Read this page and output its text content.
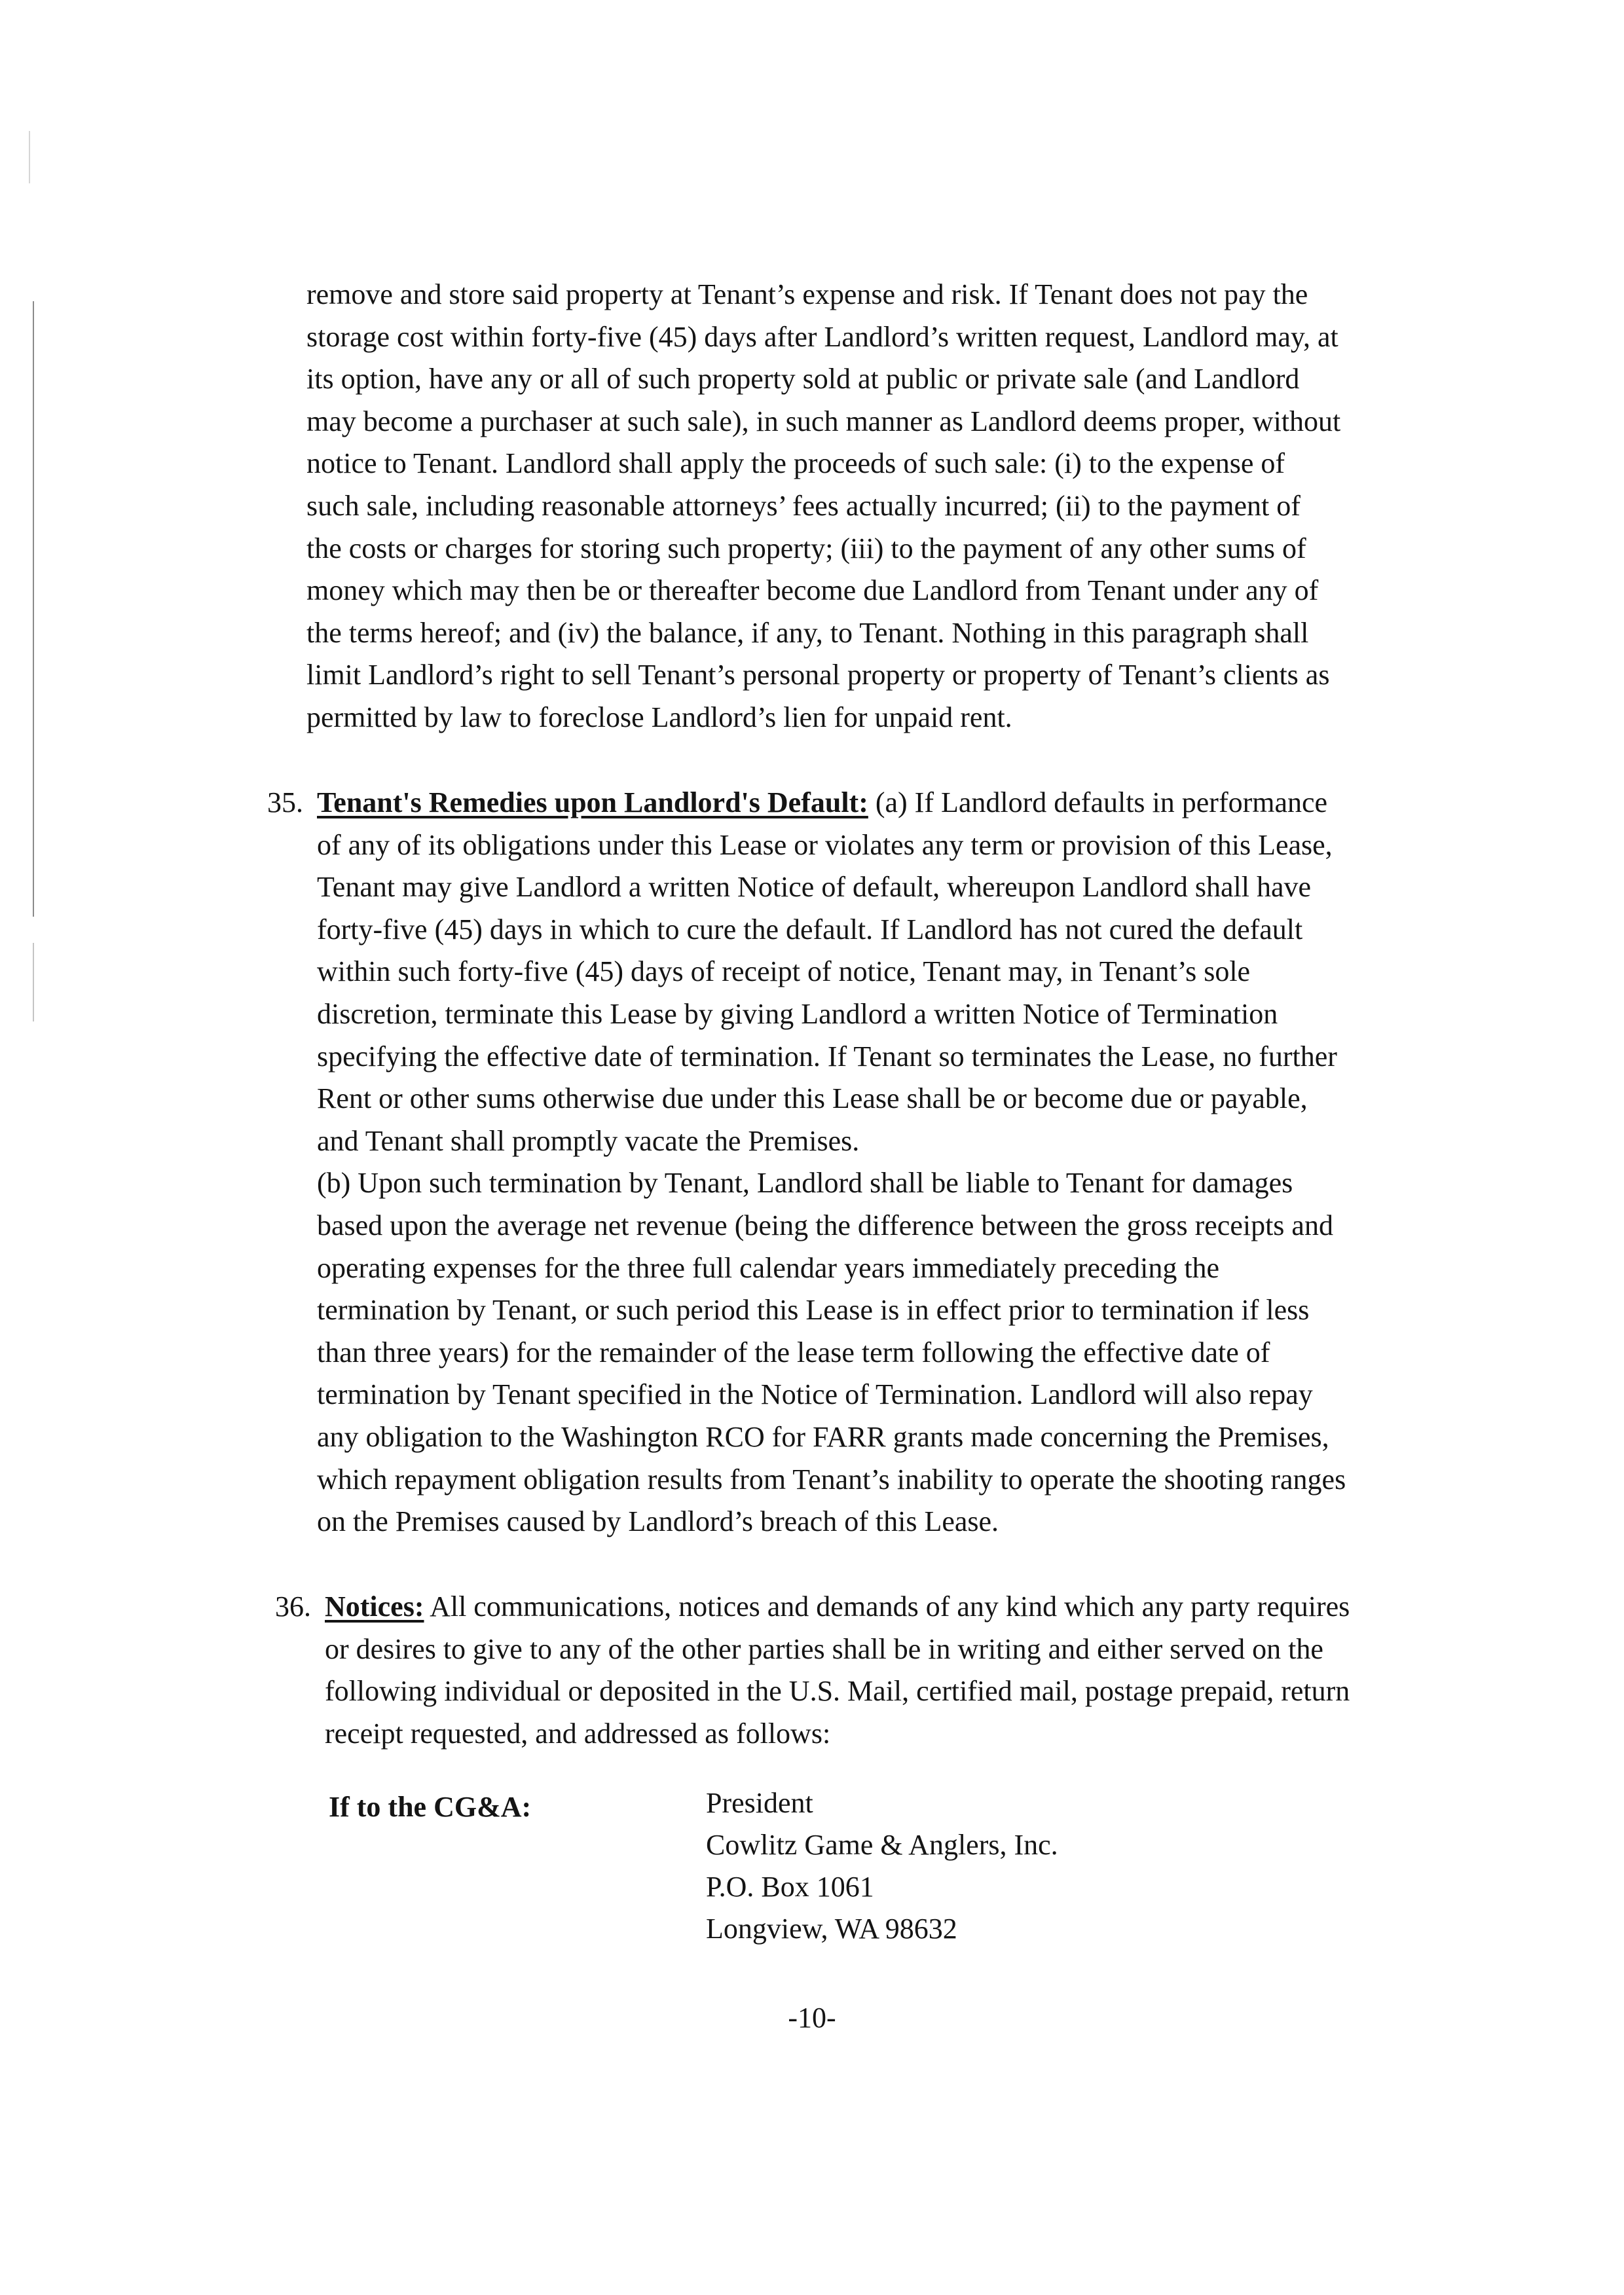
remove and store said property at Tenant’s expense and risk. If Tenant does not pay the
storage cost within forty-five (45) days after Landlord’s written request, Landlord may, at
its option, have any or all of such property sold at public or private sale (and Landlord
may become a purchaser at such sale), in such manner as Landlord deems proper, without
notice to Tenant. Landlord shall apply the proceeds of such sale: (i) to the expense of
such sale, including reasonable attorneys’ fees actually incurred; (ii) to the payment of
the costs or charges for storing such property; (iii) to the payment of any other sums of
money which may then be or thereafter become due Landlord from Tenant under any of
the terms hereof; and (iv) the balance, if any, to Tenant. Nothing in this paragraph shall
limit Landlord’s right to sell Tenant’s personal property or property of Tenant’s clients as
permitted by law to foreclose Landlord’s lien for unpaid rent.
35. Tenant's Remedies upon Landlord's Default: (a) If Landlord defaults in performance
of any of its obligations under this Lease or violates any term or provision of this Lease,
Tenant may give Landlord a written Notice of default, whereupon Landlord shall have
forty-five (45) days in which to cure the default. If Landlord has not cured the default
within such forty-five (45) days of receipt of notice, Tenant may, in Tenant’s sole
discretion, terminate this Lease by giving Landlord a written Notice of Termination
specifying the effective date of termination. If Tenant so terminates the Lease, no further
Rent or other sums otherwise due under this Lease shall be or become due or payable,
and Tenant shall promptly vacate the Premises.
(b) Upon such termination by Tenant, Landlord shall be liable to Tenant for damages
based upon the average net revenue (being the difference between the gross receipts and
operating expenses for the three full calendar years immediately preceding the
termination by Tenant, or such period this Lease is in effect prior to termination if less
than three years) for the remainder of the lease term following the effective date of
termination by Tenant specified in the Notice of Termination. Landlord will also repay
any obligation to the Washington RCO for FARR grants made concerning the Premises,
which repayment obligation results from Tenant’s inability to operate the shooting ranges
on the Premises caused by Landlord’s breach of this Lease.
36. Notices: All communications, notices and demands of any kind which any party requires
or desires to give to any of the other parties shall be in writing and either served on the
following individual or deposited in the U.S. Mail, certified mail, postage prepaid, return
receipt requested, and addressed as follows:
If to the CG&A:	President
Cowlitz Game & Anglers, Inc.
P.O. Box 1061
Longview, WA 98632
-10-
